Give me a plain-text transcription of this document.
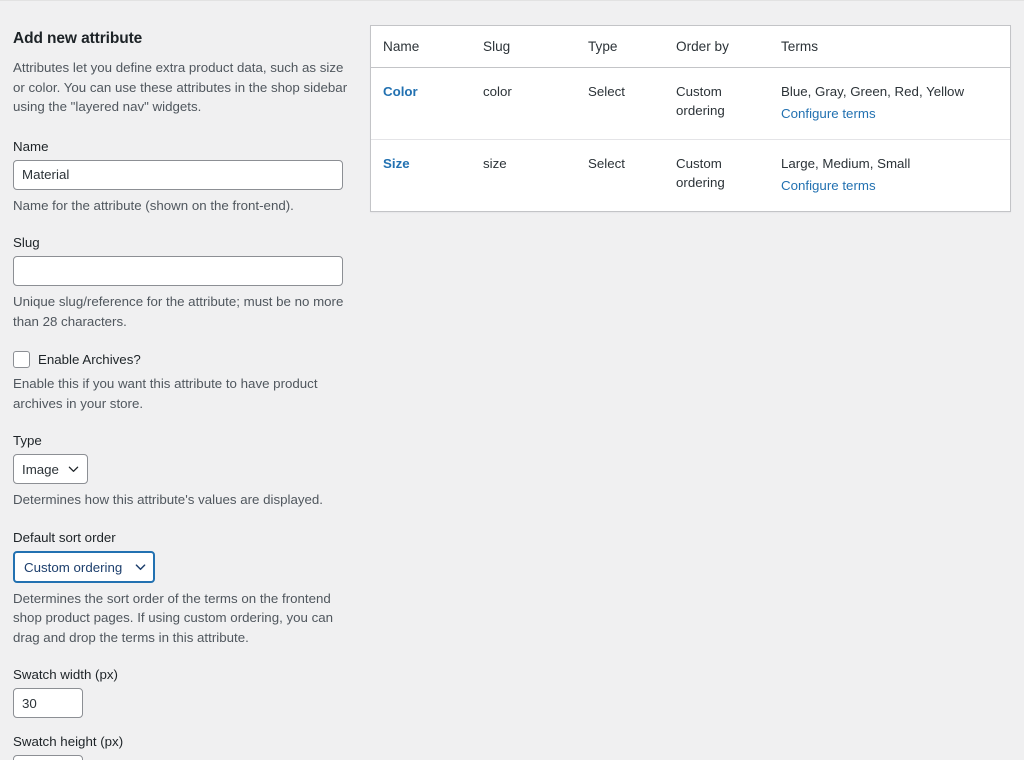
Add new attribute

Attributes let you define extra product data, such as size or color. You can use these attributes in the shop sidebar using the "layered nav" widgets.

Name
Material

Name for the attribute (shown on the front-end).

Slug

Unique slug/reference for the attribute; must be no more than 28 characters.

Enable Archives?

Enable this if you want this attribute to have product archives in your store.

Type
Image

Determines how this attribute's values are displayed.

Default sort order
Custom ordering

Determines the sort order of the terms on the frontend shop product pages. If using custom ordering, you can drag and drop the terms in this attribute.

Swatch width (px)
30
Swatch height (px)
30
Name	Slug	Type	Order by	Terms
Color	color	Select	Custom ordering	Blue, Gray, Green, Red, Yellow
Configure terms

Size	size	Select	Custom ordering	Large, Medium, Small
Configure terms
